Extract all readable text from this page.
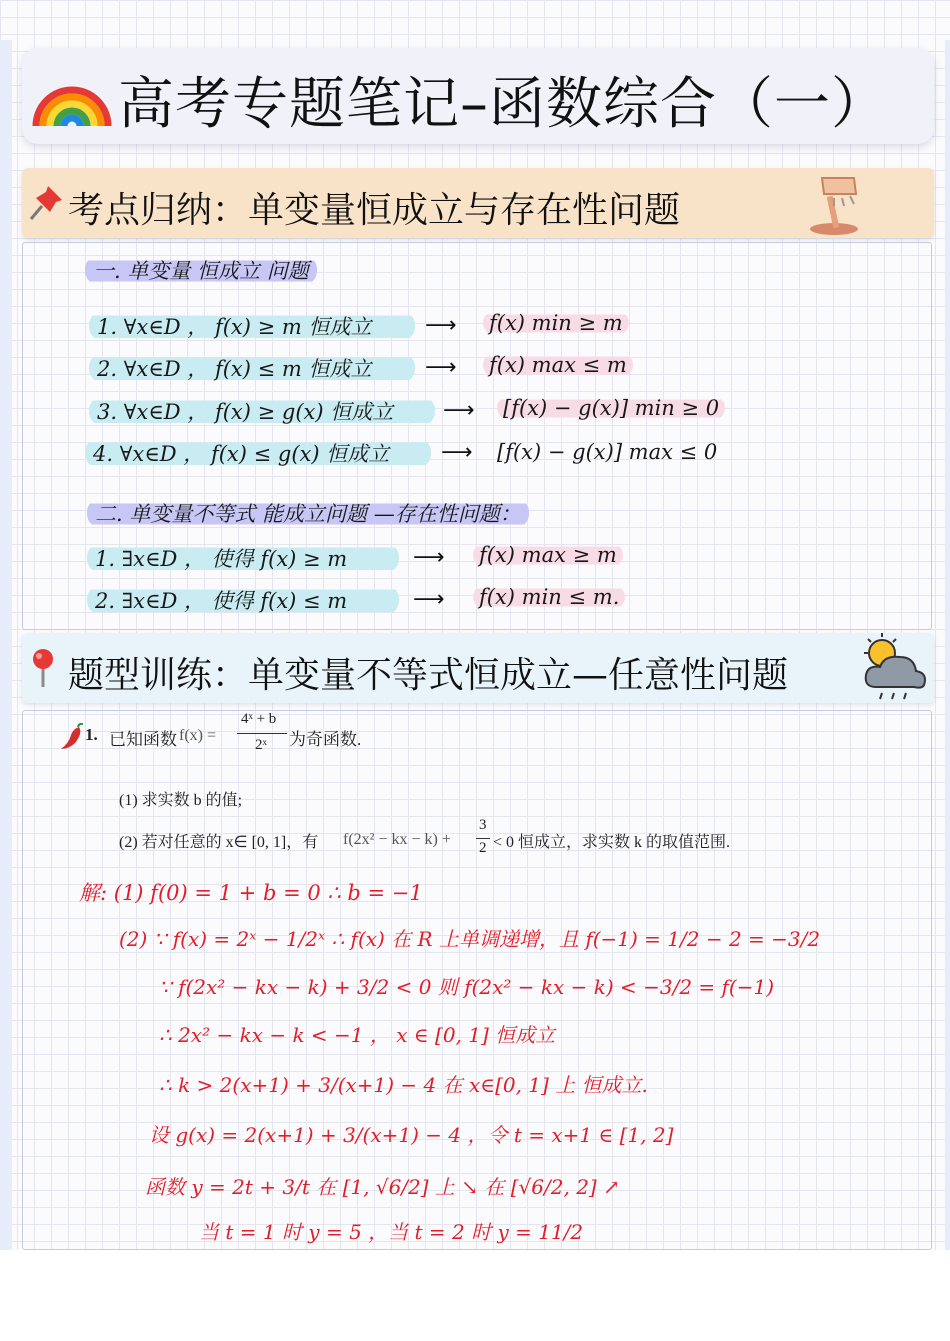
高考专题笔记–函数综合（一）
考点归纳：单变量恒成立与存在性问题
一. 单变量 恒成立 问题
1. ∀x∈D ， f(x) ≥ m 恒成立	⟶ f(x) min ≥ m
2. ∀x∈D ， f(x) ≤ m 恒成立	⟶ f(x) max ≤ m
3. ∀x∈D ， f(x) ≥ g(x) 恒成立	⟶ [f(x) − g(x)] min ≥ 0
4. ∀x∈D ， f(x) ≤ g(x) 恒成立	⟶ [f(x) − g(x)] max ≤ 0
二. 单变量不等式 能成立问题 —存在性问题：
1. ∃x∈D ， 使得 f(x) ≥ m	⟶ f(x) max ≥ m
2. ∃x∈D ， 使得 f(x) ≤ m	⟶ f(x) min ≤ m.
题型训练：单变量不等式恒成立—任意性问题
1. 已知函数 f(x) =
4ˣ + b
2ˣ 为奇函数.
(1) 求实数 b 的值;
(2) 若对任意的 x∈ [0, 1]，有 f(2x² − kx − k) +
3
2 < 0 恒成立，求实数 k 的取值范围.
解: (1) f(0) = 1 + b = 0 ∴ b = −1
(2) ∵ f(x) = 2ˣ − 1/2ˣ ∴ f(x) 在 R 上单调递增，且 f(−1) = 1/2 − 2 = −3/2
∵ f(2x² − kx − k) + 3/2 < 0 则 f(2x² − kx − k) < −3/2 = f(−1)
∴ 2x² − kx − k < −1 ， x ∈ [0, 1] 恒成立
∴ k > 2(x+1) + 3/(x+1) − 4 在 x∈[0, 1] 上 恒成立.
设 g(x) = 2(x+1) + 3/(x+1) − 4 ，令 t = x+1 ∈ [1, 2]
函数 y = 2t + 3/t 在 [1, √6/2] 上 ↘ 在 [√6/2, 2] ↗
当 t = 1 时 y = 5 ，当 t = 2 时 y = 11/2
